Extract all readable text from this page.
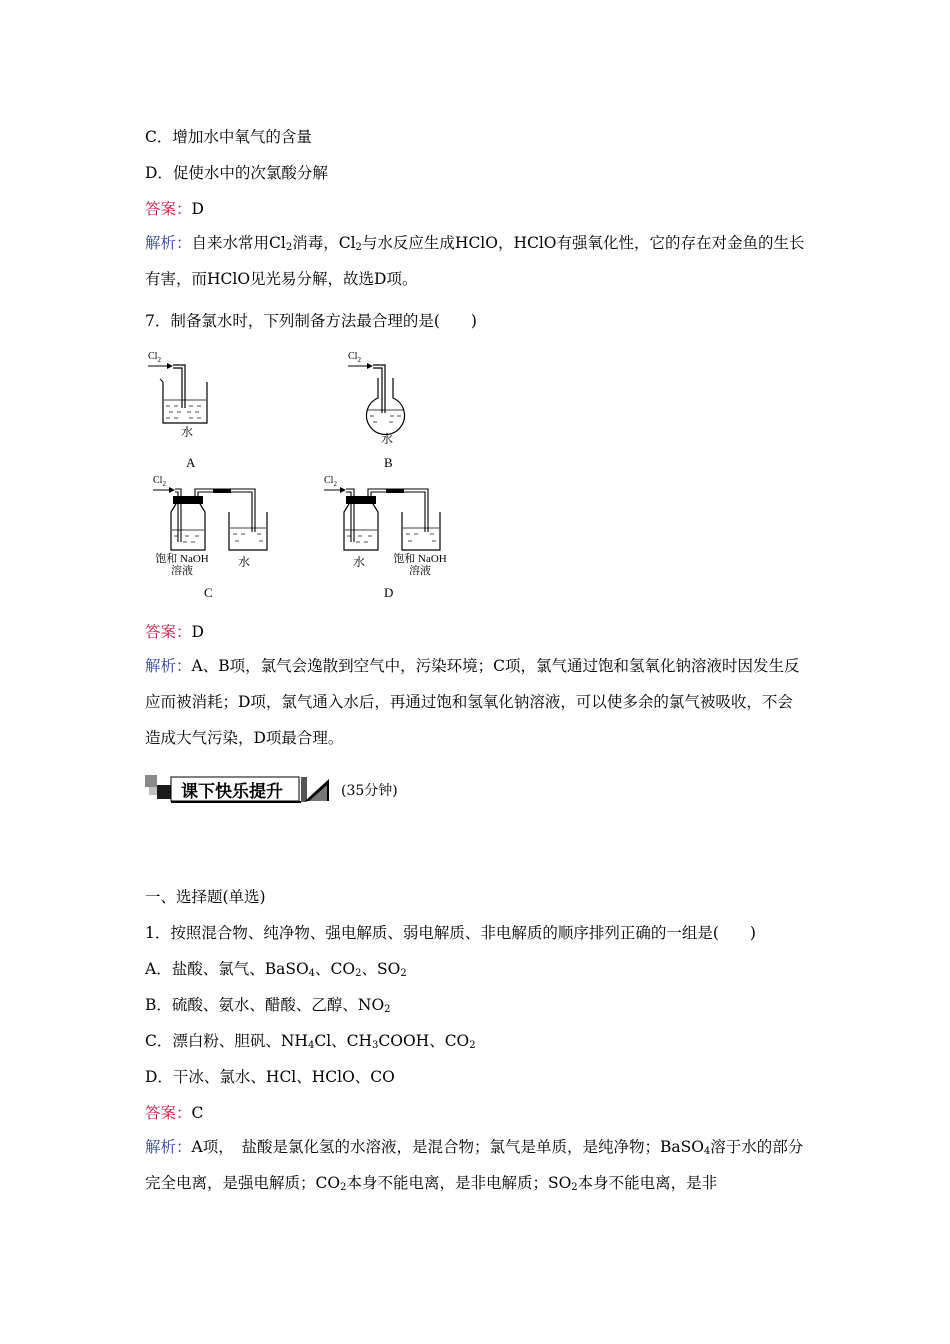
C．增加水中氧气的含量
D．促使水中的次氯酸分解
答案：D
解析：自来水常用$Cl_2$消毒，$Cl_2$与水反应生成HClO，HClO有强氧化性，它的存在对金鱼的生长有害，而HClO见光易分解，故选D项。
7．制备氯水时，下列制备方法最合理的是(　　)
$Cl_2$
水
A
$Cl_2$
水
B
$Cl_2$
饱和 NaOH
溶液
水
C
$Cl_2$
水	饱和 NaOH
溶液
D
答案：D
解析：A、B项，氯气会逸散到空气中，污染环境；C项，氯气通过饱和氢氧化钠溶液时因发生反应而被消耗；D项，氯气通入水后，再通过饱和氢氧化钠溶液，可以使多余的氯气被吸收，不会造成大气污染，D项最合理。
课下快乐提升	(35分钟)
一、选择题(单选)
1．按照混合物、纯净物、强电解质、弱电解质、非电解质的顺序排列正确的一组是(　　)
A．盐酸、氯气、BaSO$_4$、$CO_2$、$SO_2$
B．硫酸、氨水、醋酸、乙醇、$NO_2$
C．漂白粉、胆矾、$NH_4Cl$、$CH_3COOH$、$CO_2$
D．干冰、氯水、HCl、HClO、CO
答案：C
解析：A项，　盐酸是氯化氢的水溶液，是混合物；氯气是单质，是纯净物；BaSO$_4$溶于水的部分完全电离，是强电解质；$CO_2$本身不能电离，是非电解质；$SO_2$本身不能电离，是非
